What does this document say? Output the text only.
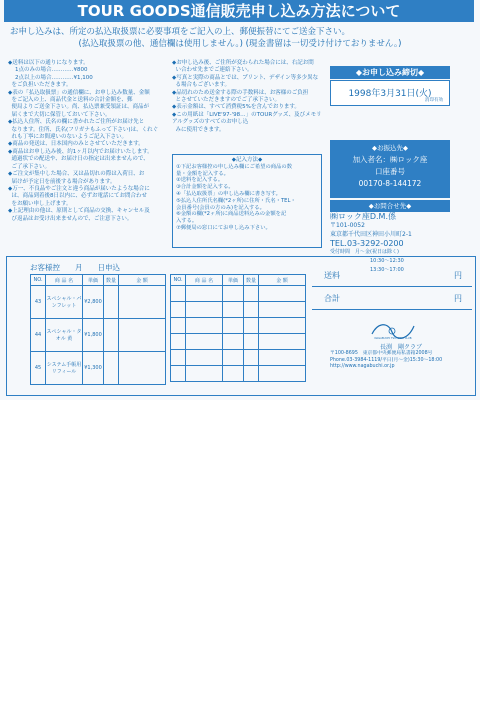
TOUR GOODS通信販売申し込み方法について
お申し込みは、所定の払込取扱票に必要事項をご記入の上、郵便振替にてご送金下さい。
(払込取扱票の他、通信欄は使用しません。) (現金書留は一切受け付けておりません。)
◆送料は以下の通りになります。
1点のみの場合…………¥800
2点以上の場合…………¥1,100
をご負担いただきます。
◆表の「払込取扱票」の通信欄に、お申し込み数量、金額
をご記入の上、商品代金と送料の合計金額を、郵
便局よりご送金下さい。尚、払込票兼受領証は、商品が
届くまで大切に保管しておいて下さい。
◆払込人住所、氏名の欄に書かれたご住所がお届け先と
なります。住所、氏名(フリガナもふって下さい)は、くれぐ
れも丁寧にお間違いのないようご記入下さい。
◆商品の発送は、日本国内のみとさせていただきます。
◆商品はお申し込み後、約1ヶ月以内でお届けいたします。
通過状での配送や、お届け日の指定は出来ませんので、
ご了承下さい。
◆ご注文が集中した場合、又は品切れの際は入荷日、お
届けが予定日を前後する場合があります。
◆万一、不良品やご注文と違う商品が届いたような場合に
は、商品到着後8日以内に、必ずお電話にてお問合わせ
をお願い申し上げます。
◆上記理由の他は、原則として商品の交換、キャンセル及
び返品はお受け出来ませんので、ご注意下さい。
◆お申し込み後、ご住所が変わられた場合には、右記お問
い合わせ先までご連絡下さい。
◆写真と実際の商品とでは、プリント、デザイン等多少異な
る場合もございます。
◆品切れのため送金する際の手数料は、お客様のご負担
とさせていただきますのでご了承下さい。
◆表示金額は、すべて消費税5%を含んでおります。
◆この用紙は「LIVE'97-'98…」のTOURグッズ、及びメモリアルグッズのすべてのお申し込
みに使用できます。
◆記入方法◆
①下記お客様控の申し込み欄にご希望の商品の数
量・金額を記入する。
②送料を記入する。
③合計金額を記入する。
④「払込取扱票」の申し込み欄に書き写す。
⑤払込人住所氏名欄(*2ヶ所)に住所・氏名・TEL・
会員番号(会員の方のみ)を記入する。
⑥金額の欄(*2ヶ所)に商品送料込みの金額を記
入する。
⑦郵便局の窓口にてお申し込み下さい。
◆お申し込み締切◆
1998年3月31日(火)
消印有効
◆お振込先◆
加入者名：㈱ロック座
口座番号
00170-8-144172
◆お問合せ先◆
㈱ロック座D.M.係
〒101-0052
東京都千代田区神田小川町2-1
TEL.03-3292-0200
受付時間　月～金(祝日は除く)
10:30～12:30
13:30～17:00
お客様控　　月　　日申込
NO.	商 品 名	単価	数量	金 額
43	スペシャル・パンフレット	¥2,800		
44	スペシャル・タオル 黄	¥1,800		
45	システム手帳用リフィール	¥1,300		
NO.	商 品 名	単価	数量	金 額

送料	円
合計	円
NAGABUCHI TSUYOSHI CLUB
長渕　剛クラブ
〒100-8695　東京都中央郵便局私書箱2008号
Phone.03-3984-1119/平日(月～金)15:30～18:00
http://www.nagabuchi.or.jp
